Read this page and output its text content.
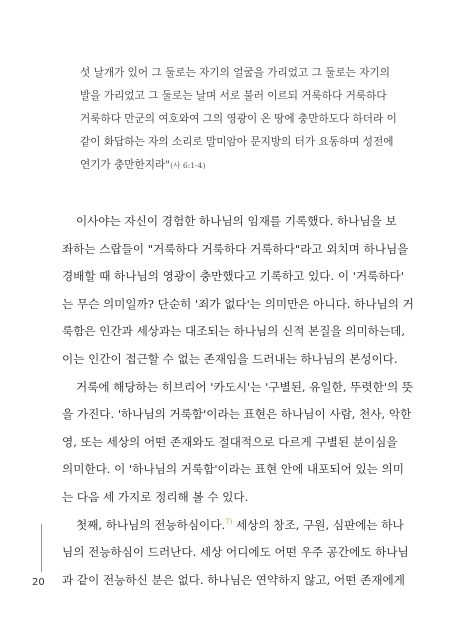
섯 날개가 있어 그 둘로는 자기의 얼굴을 가리었고 그 둘로는 자기의

발을 가리었고 그 둘로는 날며 서로 불러 이르되 거룩하다 거룩하다

거룩하다 만군의 여호와여 그의 영광이 온 땅에 충만하도다 하더라 이

같이 화답하는 자의 소리로 말미암아 문지방의 터가 요동하며 성전에

연기가 충만한지라"(사 6:1-4)

이사야는 자신이 경험한 하나님의 임재를 기록했다. 하나님을 보

좌하는 스랍들이 "거룩하다 거룩하다 거룩하다"라고 외치며 하나님을

경배할 때 하나님의 영광이 충만했다고 기록하고 있다. 이 '거룩하다'

는 무슨 의미일까? 단순히 '죄가 없다'는 의미만은 아니다. 하나님의 거

룩함은 인간과 세상과는 대조되는 하나님의 신적 본질을 의미하는데,

이는 인간이 접근할 수 없는 존재임을 드러내는 하나님의 본성이다.

거룩에 해당하는 히브리어 '카도시'는 '구별된, 유일한, 뚜렷한'의 뜻

을 가진다. '하나님의 거룩함'이라는 표현은 하나님이 사람, 천사, 악한

영, 또는 세상의 어떤 존재와도 절대적으로 다르게 구별된 분이심을

의미한다. 이 '하나님의 거룩함'이라는 표현 안에 내포되어 있는 의미

는 다음 세 가지로 정리해 볼 수 있다.

첫째, 하나님의 전능하심이다.$^{7)}$ 세상의 창조, 구원, 심판에는 하나

님의 전능하심이 드러난다. 세상 어디에도 어떤 우주 공간에도 하나님

과 같이 전능하신 분은 없다. 하나님은 연약하지 않고, 어떤 존재에게

20
